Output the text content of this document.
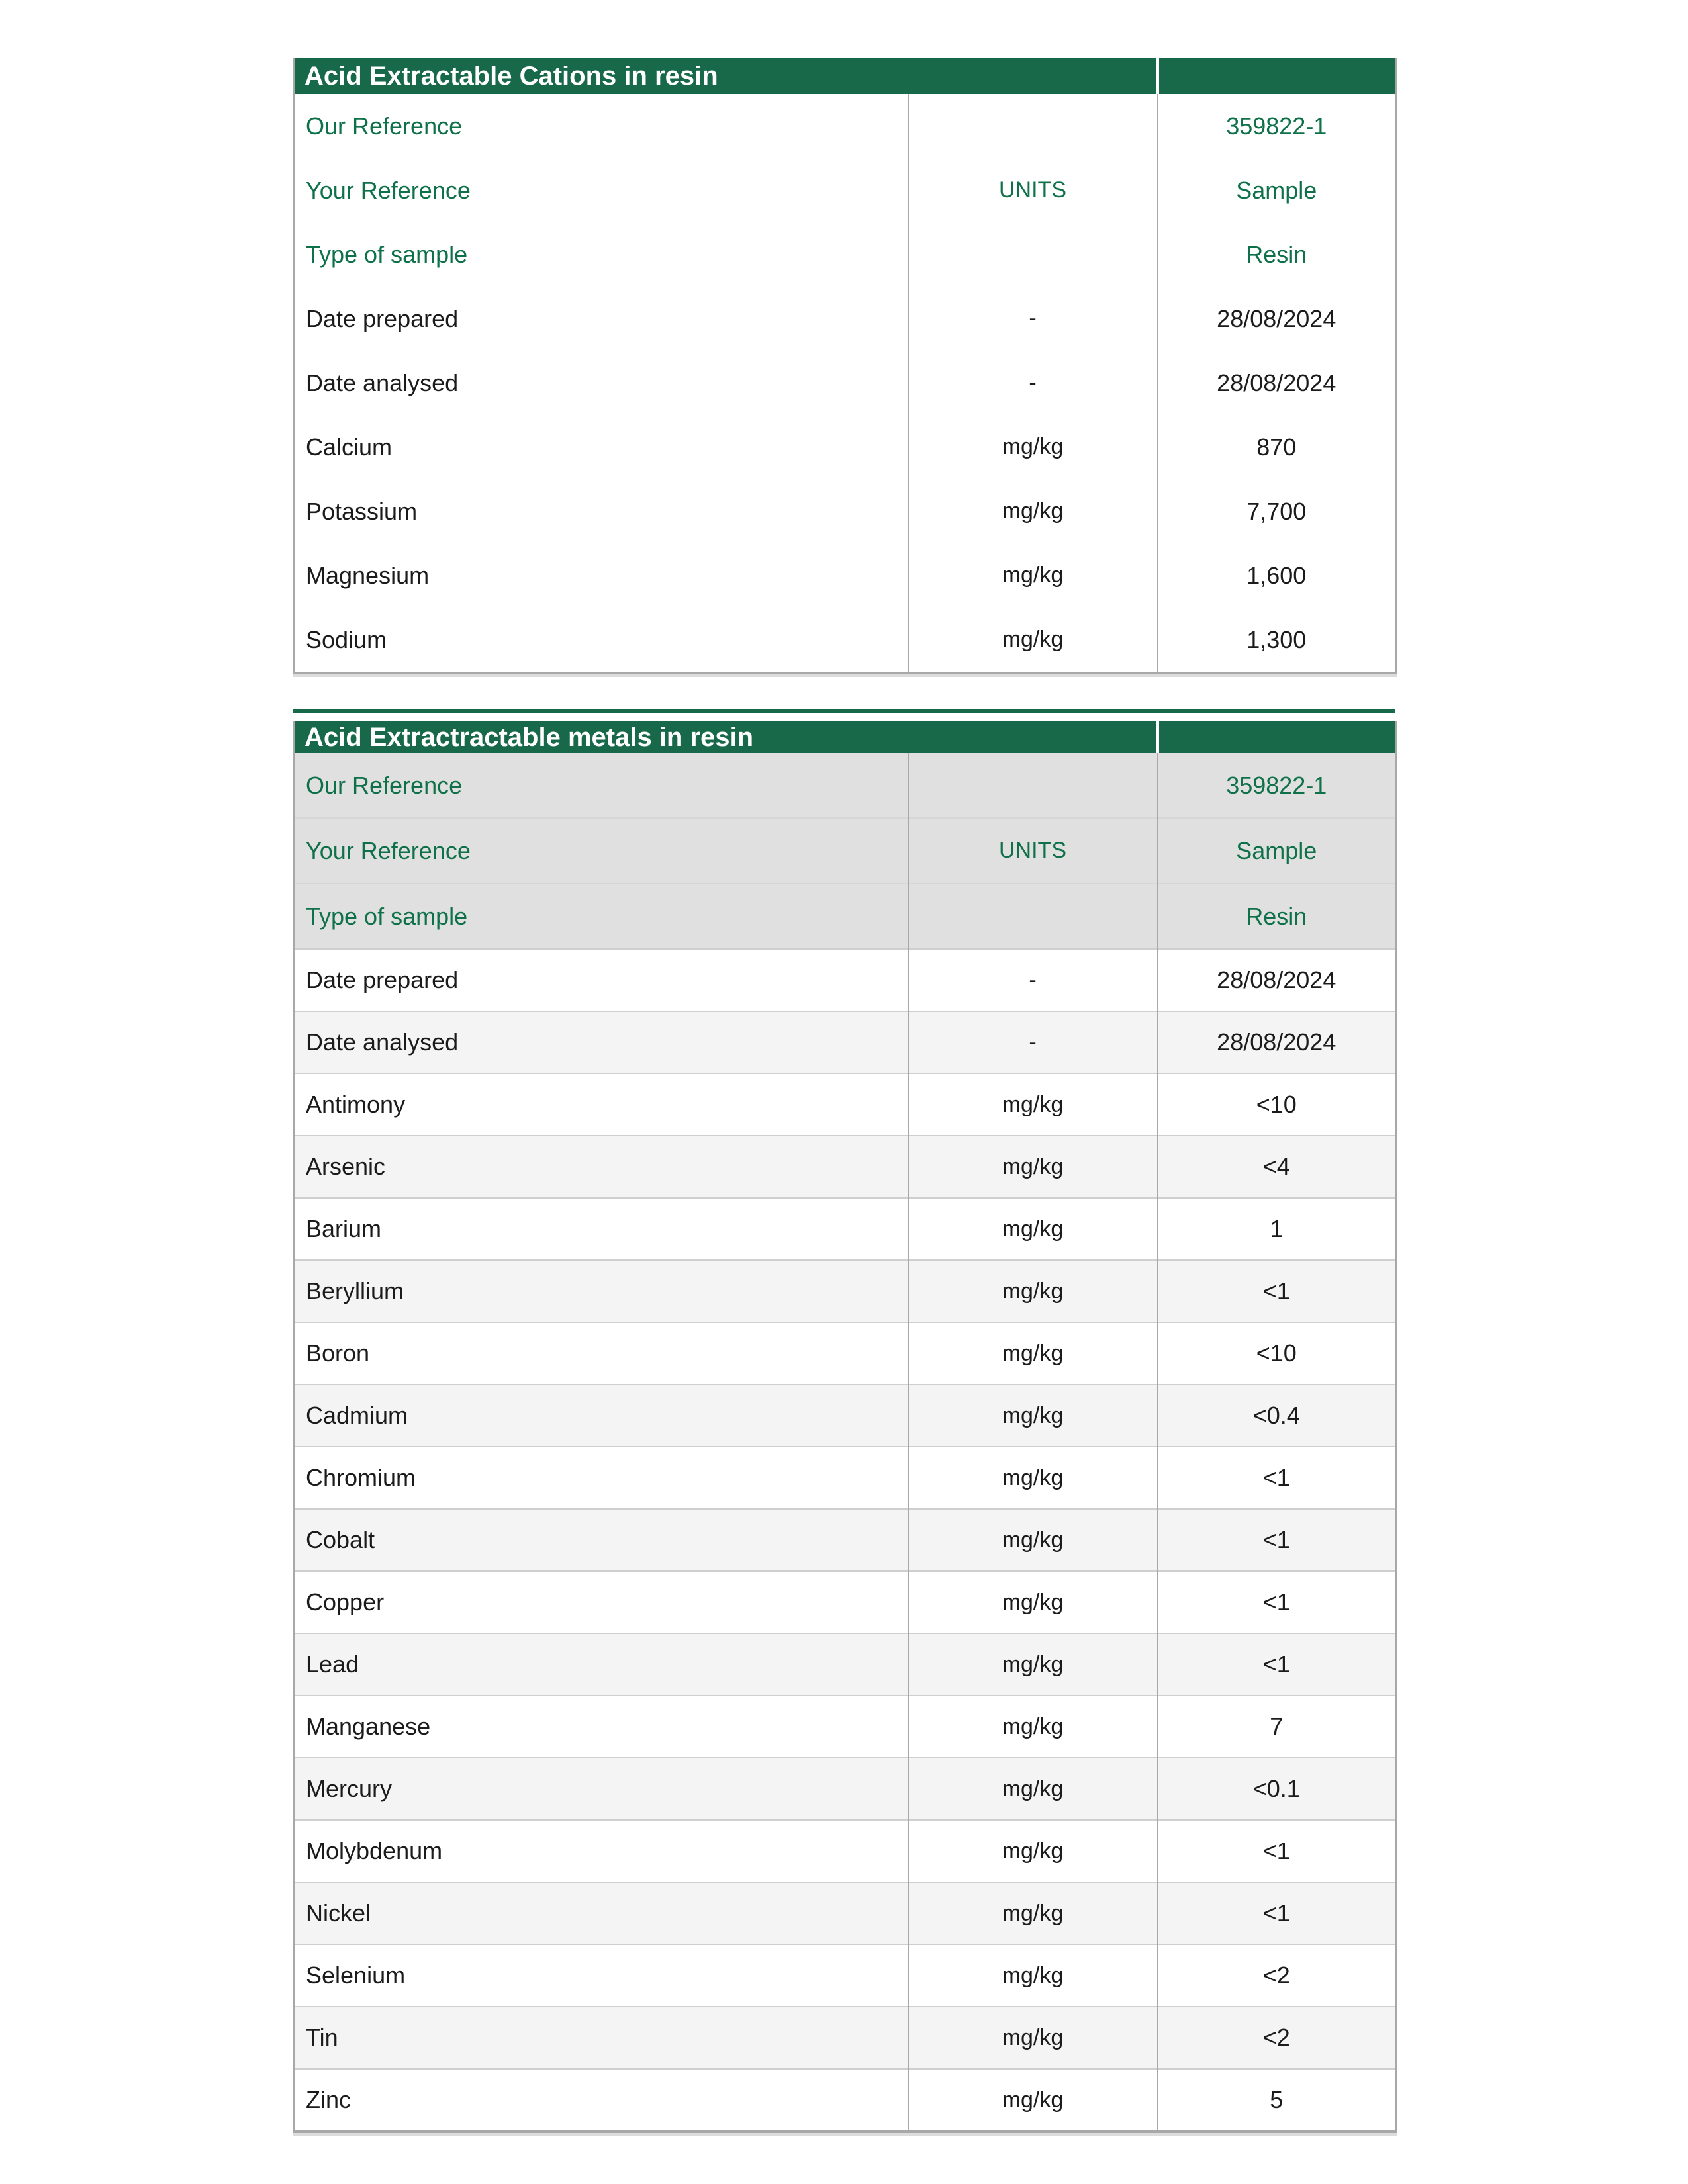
Acid Extractable Cations in resin		
Our Reference		359822-1
Your Reference	UNITS	Sample
Type of sample		Resin
Date prepared	-	28/08/2024
Date analysed	-	28/08/2024
Calcium	mg/kg	870
Potassium	mg/kg	7,700
Magnesium	mg/kg	1,600
Sodium	mg/kg	1,300
Acid Extractractable metals in resin		
Our Reference		359822-1
Your Reference	UNITS	Sample
Type of sample		Resin
Date prepared	-	28/08/2024
Date analysed	-	28/08/2024
Antimony	mg/kg	<10
Arsenic	mg/kg	<4
Barium	mg/kg	1
Beryllium	mg/kg	<1
Boron	mg/kg	<10
Cadmium	mg/kg	<0.4
Chromium	mg/kg	<1
Cobalt	mg/kg	<1
Copper	mg/kg	<1
Lead	mg/kg	<1
Manganese	mg/kg	7
Mercury	mg/kg	<0.1
Molybdenum	mg/kg	<1
Nickel	mg/kg	<1
Selenium	mg/kg	<2
Tin	mg/kg	<2
Zinc	mg/kg	5
